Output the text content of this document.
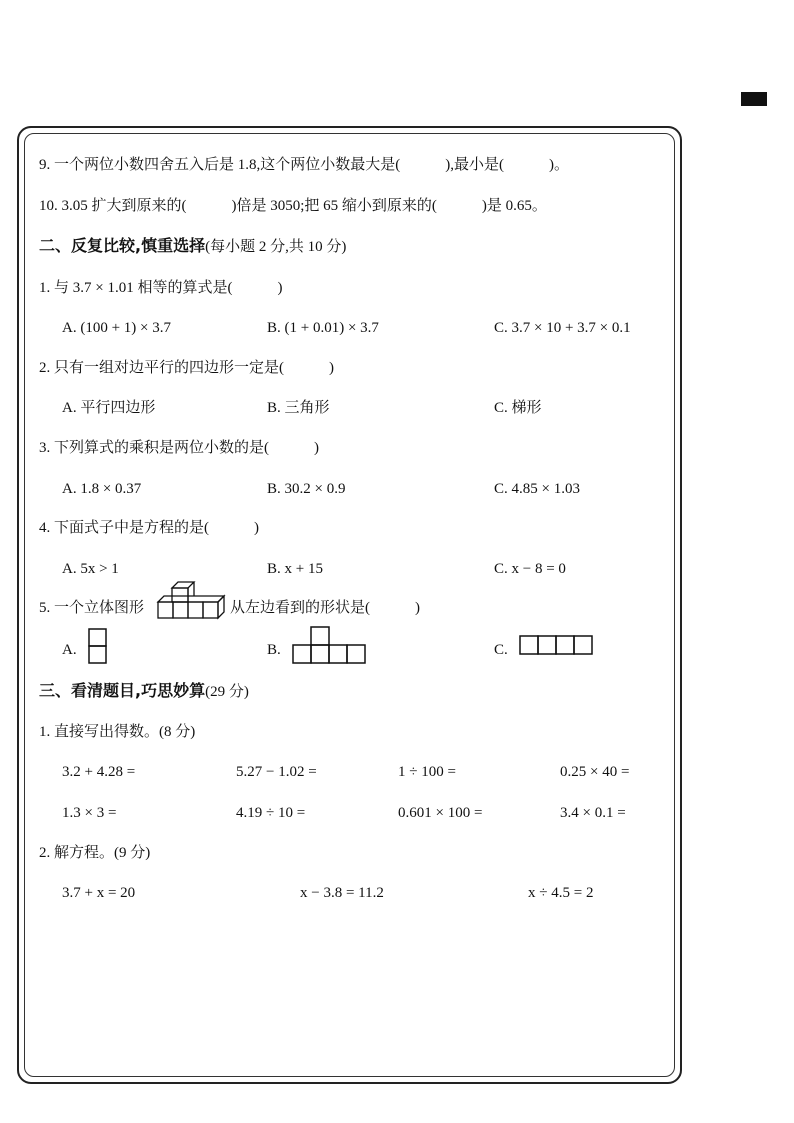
9. 一个两位小数四舍五入后是 1.8,这个两位小数最大是(　　　),最小是(　　　)。
10. 3.05 扩大到原来的(　　　)倍是 3050;把 65 缩小到原来的(　　　)是 0.65。
二、反复比较,慎重选择(每小题 2 分,共 10 分)
1. 与 3.7 × 1.01 相等的算式是(　　　)
A. (100 + 1) × 3.7	B. (1 + 0.01) × 3.7	C. 3.7 × 10 + 3.7 × 0.1
2. 只有一组对边平行的四边形一定是(　　　)
A. 平行四边形	B. 三角形	C. 梯形
3. 下列算式的乘积是两位小数的是(　　　)
A. 1.8 × 0.37	B. 30.2 × 0.9	C. 4.85 × 1.03
4. 下面式子中是方程的是(　　　)
A. 5x > 1	B. x + 15	C. x − 8 = 0
5. 一个立体图形	从左边看到的形状是(　　　)
A.	B.	C.
三、看清题目,巧思妙算(29 分)
1. 直接写出得数。(8 分)
3.2 + 4.28 =	5.27 − 1.02 =	1 ÷ 100 =	0.25 × 40 =
1.3 × 3 =	4.19 ÷ 10 =	0.601 × 100 =	3.4 × 0.1 =
2. 解方程。(9 分)
3.7 + x = 20	x − 3.8 = 11.2	x ÷ 4.5 = 2
